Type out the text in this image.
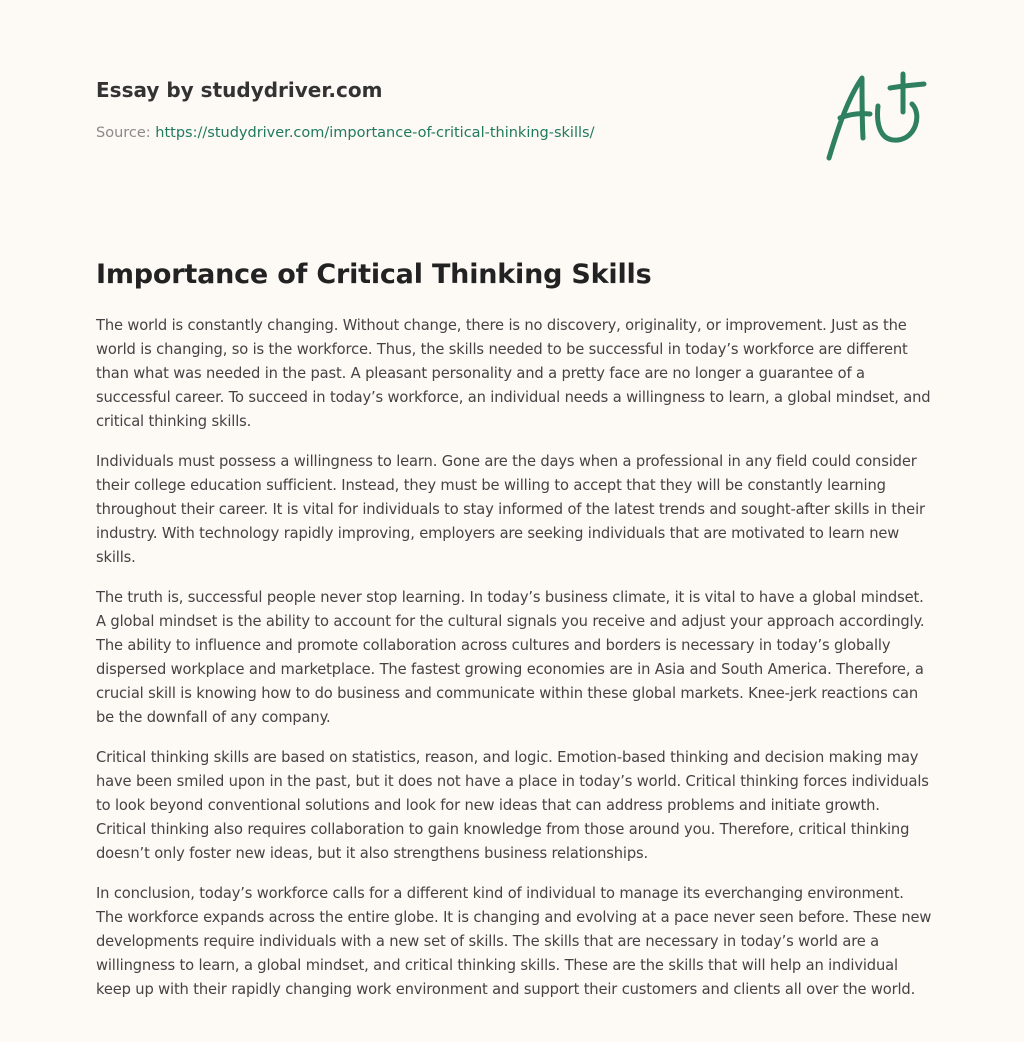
Essay by studydriver.com
Source: https://studydriver.com/importance-of-critical-thinking-skills/
Importance of Critical Thinking Skills

The world is constantly changing. Without change, there is no discovery, originality, or improvement. Just as the world is changing, so is the workforce. Thus, the skills needed to be successful in today’s workforce are different than what was needed in the past. A pleasant personality and a pretty face are no longer a guarantee of a successful career. To succeed in today’s workforce, an individual needs a willingness to learn, a global mindset, and critical thinking skills.

Individuals must possess a willingness to learn. Gone are the days when a professional in any field could consider their college education sufficient. Instead, they must be willing to accept that they will be constantly learning throughout their career. It is vital for individuals to stay informed of the latest trends and sought-after skills in their industry. With technology rapidly improving, employers are seeking individuals that are motivated to learn new skills.

The truth is, successful people never stop learning. In today’s business climate, it is vital to have a global mindset. A global mindset is the ability to account for the cultural signals you receive and adjust your approach accordingly. The ability to influence and promote collaboration across cultures and borders is necessary in today’s globally dispersed workplace and marketplace. The fastest growing economies are in Asia and South America. Therefore, a crucial skill is knowing how to do business and communicate within these global markets. Knee-jerk reactions can be the downfall of any company.

Critical thinking skills are based on statistics, reason, and logic. Emotion-based thinking and decision making may have been smiled upon in the past, but it does not have a place in today’s world. Critical thinking forces individuals to look beyond conventional solutions and look for new ideas that can address problems and initiate growth. Critical thinking also requires collaboration to gain knowledge from those around you. Therefore, critical thinking doesn’t only foster new ideas, but it also strengthens business relationships.

In conclusion, today’s workforce calls for a different kind of individual to manage its everchanging environment. The workforce expands across the entire globe. It is changing and evolving at a pace never seen before. These new developments require individuals with a new set of skills. The skills that are necessary in today’s world are a willingness to learn, a global mindset, and critical thinking skills. These are the skills that will help an individual keep up with their rapidly changing work environment and support their customers and clients all over the world.
